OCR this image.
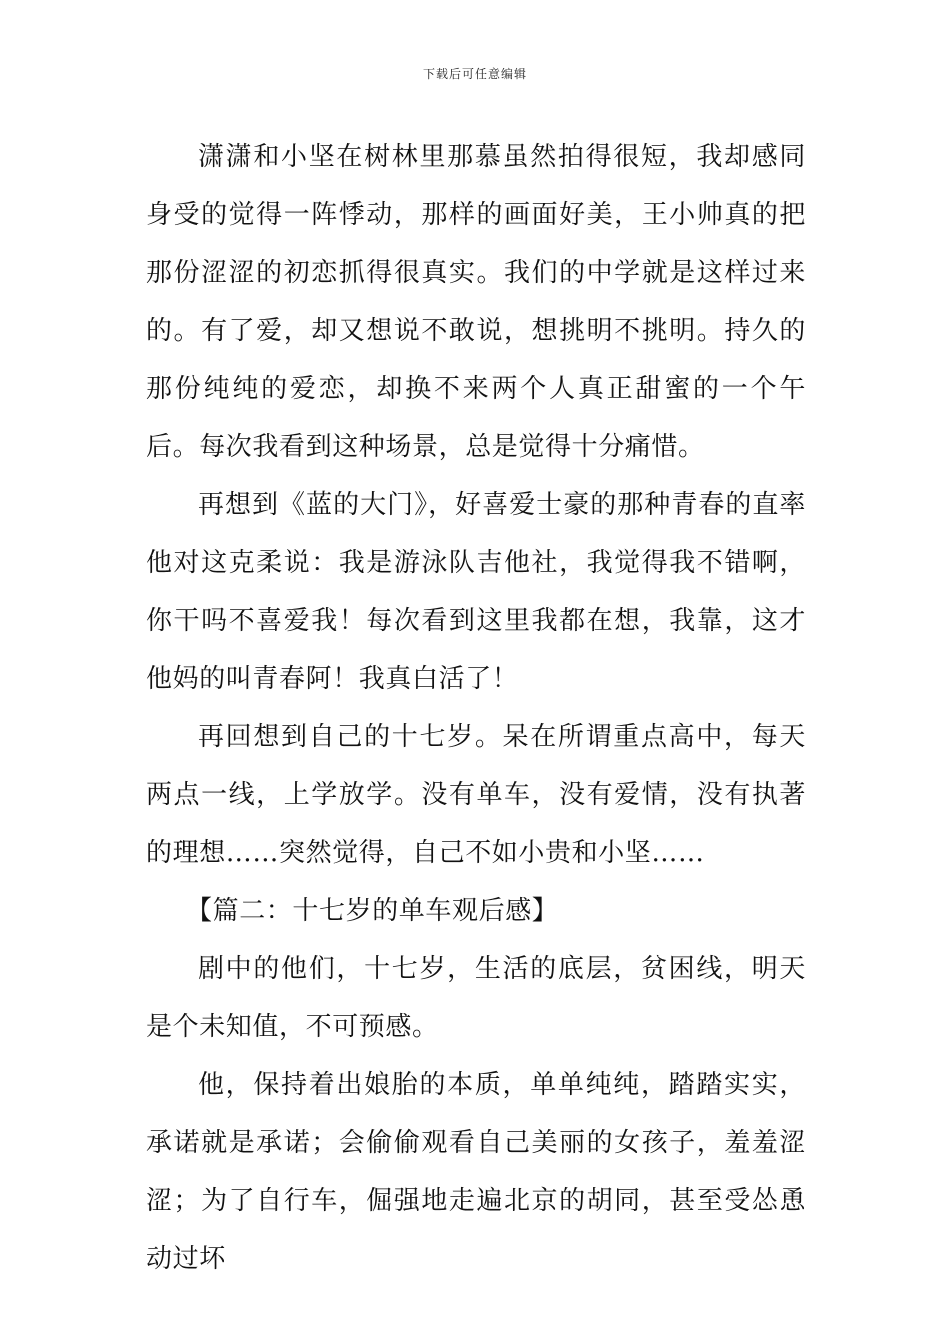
下载后可任意编辑

潇潇和小坚在树林里那慕虽然拍得很短，我却感同身受的觉得一阵悸动，那样的画面好美，王小帅真的把那份涩涩的初恋抓得很真实。我们的中学就是这样过来的。有了爱，却又想说不敢说，想挑明不挑明。持久的那份纯纯的爱恋，却换不来两个人真正甜蜜的一个午后。每次我看到这种场景，总是觉得十分痛惜。

再想到《蓝的大门》，好喜爱士豪的那种青春的直率他对这克柔说：我是游泳队吉他社，我觉得我不错啊，你干吗不喜爱我！每次看到这里我都在想，我靠，这才他妈的叫青春阿！我真白活了！

再回想到自己的十七岁。呆在所谓重点高中，每天两点一线，上学放学。没有单车，没有爱情，没有执著的理想……突然觉得，自己不如小贵和小坚……

【篇二：十七岁的单车观后感】

剧中的他们，十七岁，生活的底层，贫困线，明天是个未知值，不可预感。

他，保持着出娘胎的本质，单单纯纯，踏踏实实，承诺就是承诺；会偷偷观看自己美丽的女孩子，羞羞涩涩；为了自行车，倔强地走遍北京的胡同，甚至受怂恿动过坏
